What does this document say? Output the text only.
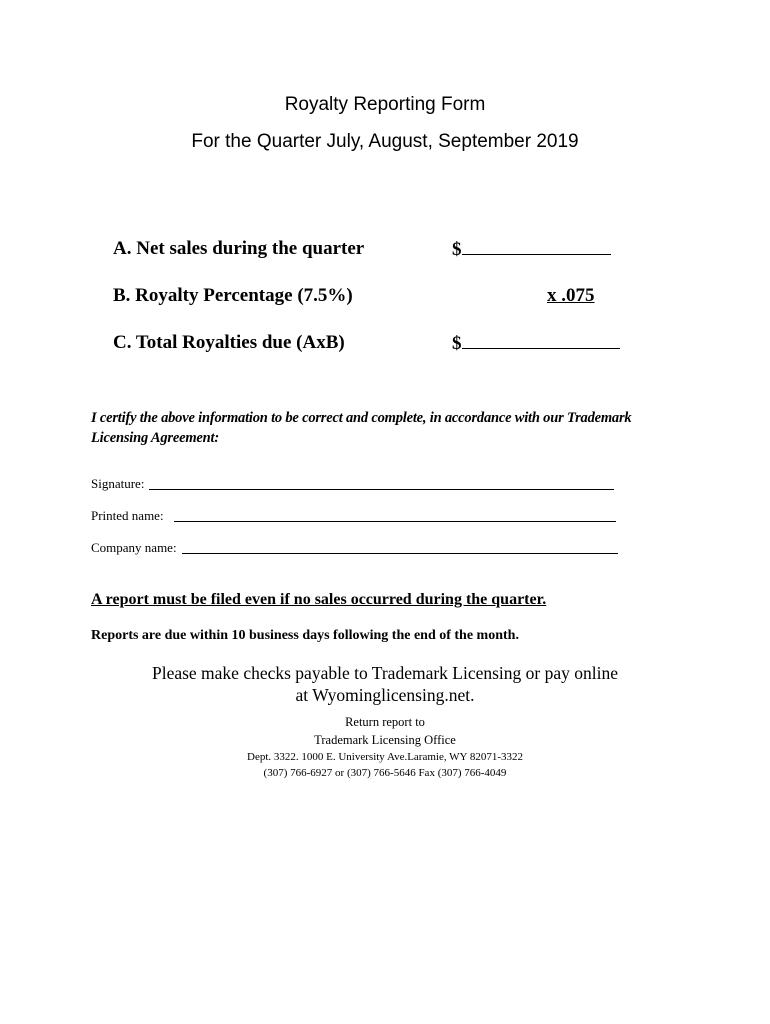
Royalty Reporting Form
For the Quarter July, August, September 2019
A. Net sales during the quarter	$
B. Royalty Percentage (7.5%)	x .075
C. Total Royalties due (AxB)	$
I certify the above information to be correct and complete, in accordance with our Trademark Licensing Agreement:
Signature:
Printed name:
Company name:
A report must be filed even if no sales occurred during the quarter.
Reports are due within 10 business days following the end of the month.
Please make checks payable to Trademark Licensing or pay online at Wyominglicensing.net.
Return report to
Trademark Licensing Office
Dept. 3322. 1000 E. University Ave.Laramie, WY 82071-3322
(307) 766-6927 or (307) 766-5646 Fax (307) 766-4049
